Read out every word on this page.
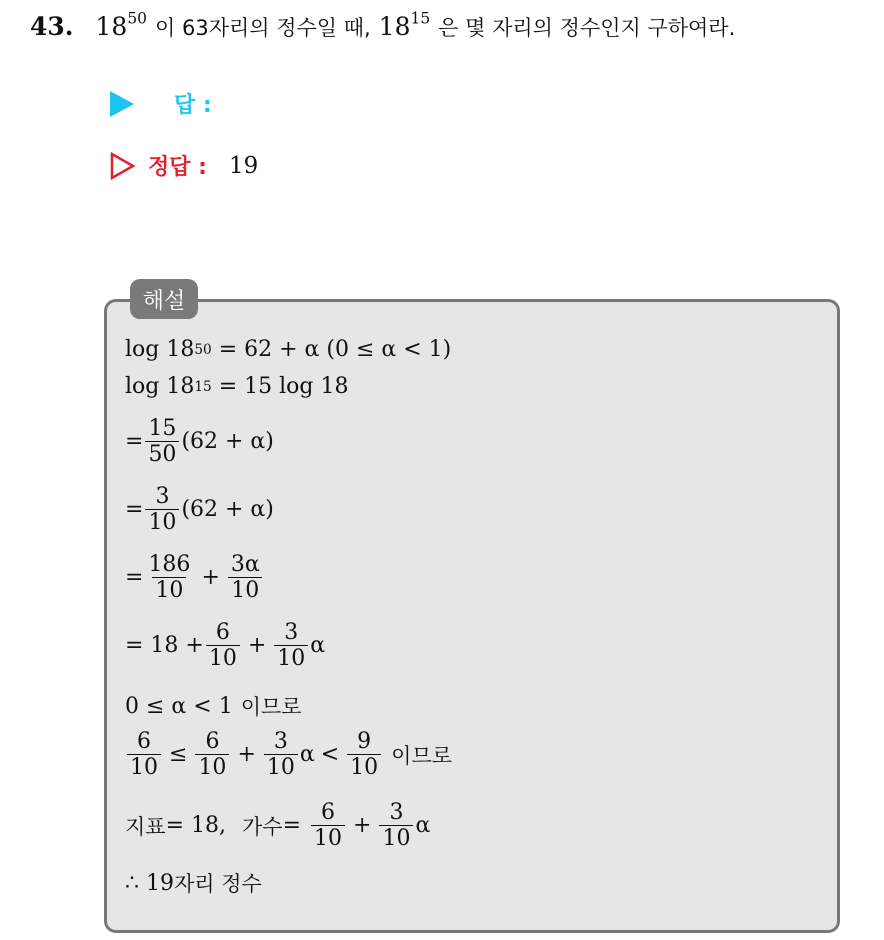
43. $18^{50}$ 이 63자리의 정수일 때, $18^{15}$ 은 몇 자리의 정수인지 구하여라.
답 :
정답 : 19
해설
log 18 50 = 62 + α (0 ≤ α < 1)
log 18 15 = 15 log 18
= $\frac{15}{50} (62 + \alpha)$
= $\frac{3}{10} (62 + \alpha)$
= $\frac{186}{10} + \frac{3\alpha}{10}$
= $18 + \frac{6}{10} + \frac{3}{10}$ α
0 ≤ α < 1 이므로
$\frac{6}{10} \le \frac{6}{10} + \frac{3}{10}$ $\alpha < \frac{9}{10}$ 이므로
지표 = 18, 가수 = $\frac{6}{10} + \frac{3}{10}$ α
∴ 19 자리 정수
